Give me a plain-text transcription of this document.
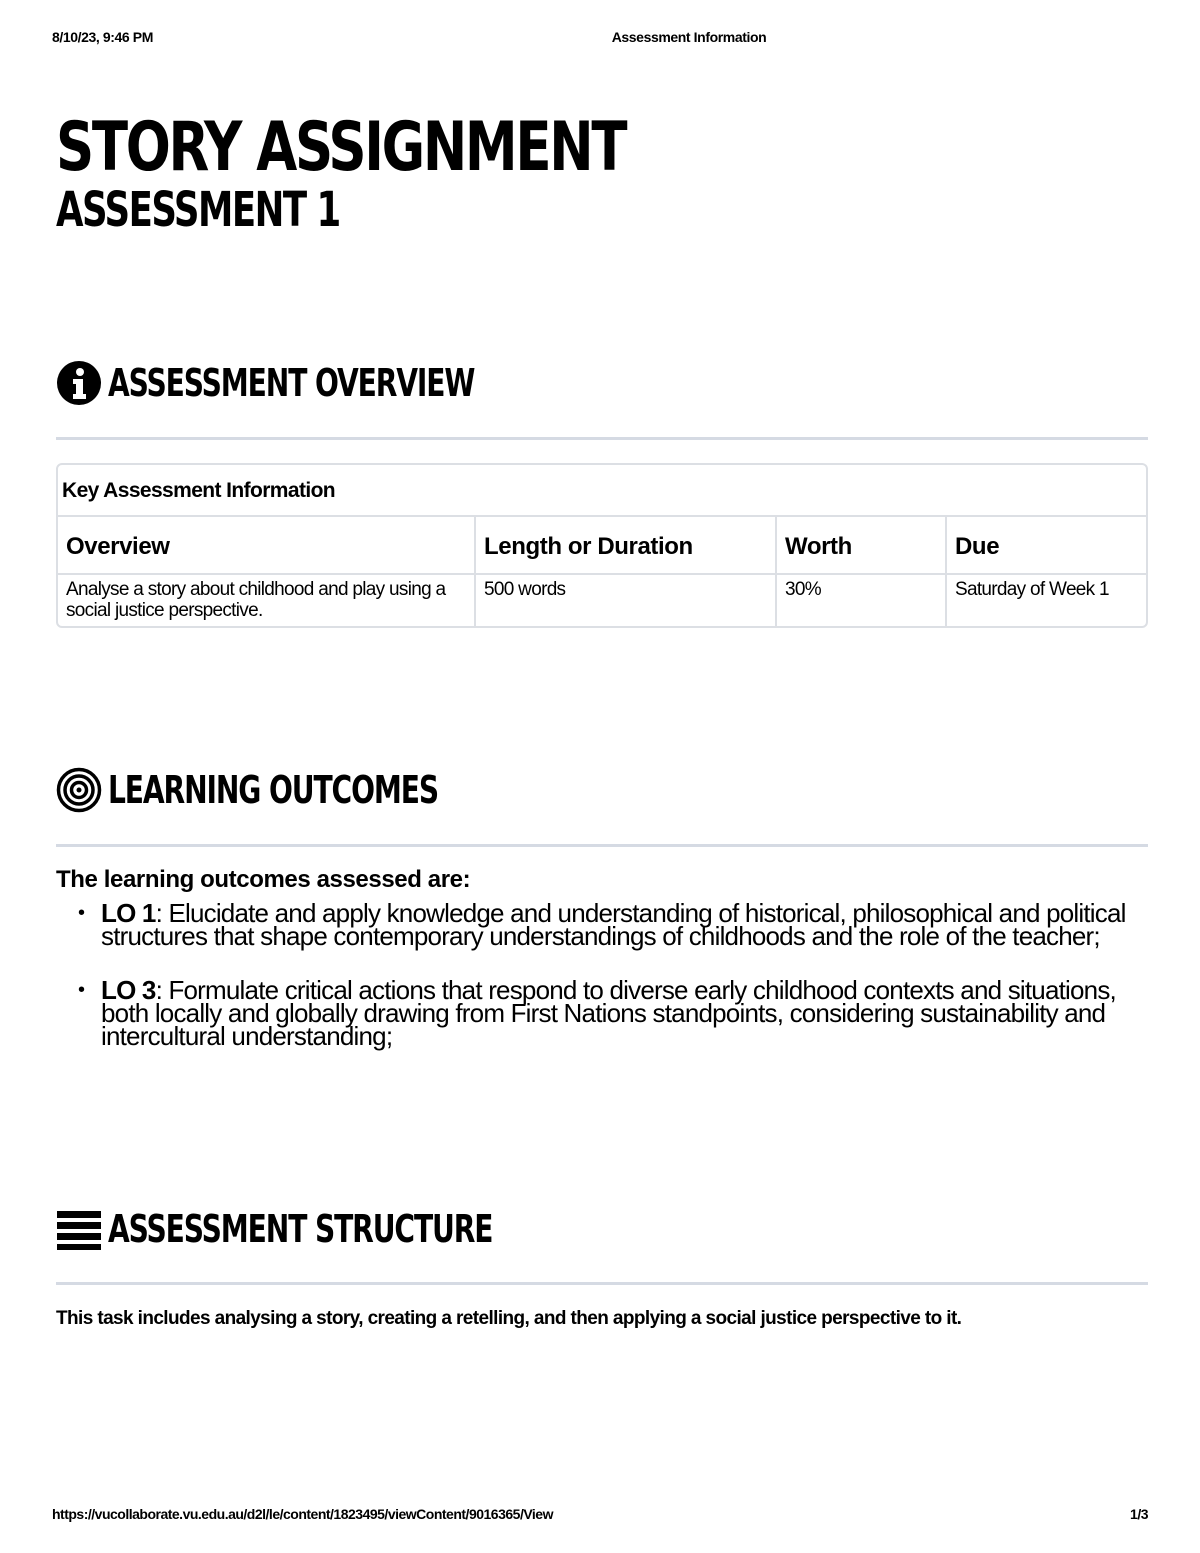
8/10/23, 9:46 PM	Assessment Information
STORY ASSIGNMENT
ASSESSMENT 1
ASSESSMENT OVERVIEW
Key Assessment Information			
Overview	Length or Duration	Worth	Due
Analyse a story about childhood and play using a social justice perspective.	500 words	30%	Saturday of Week 1
LEARNING OUTCOMES
The learning outcomes assessed are:
• LO 1: Elucidate and apply knowledge and understanding of historical, philosophical and political structures that shape contemporary understandings of childhoods and the role of the teacher;
• LO 3: Formulate critical actions that respond to diverse early childhood contexts and situations, both locally and globally drawing from First Nations standpoints, considering sustainability and intercultural understanding;
ASSESSMENT STRUCTURE
This task includes analysing a story, creating a retelling, and then applying a social justice perspective to it.
https://vucollaborate.vu.edu.au/d2l/le/content/1823495/viewContent/9016365/View	1/3
